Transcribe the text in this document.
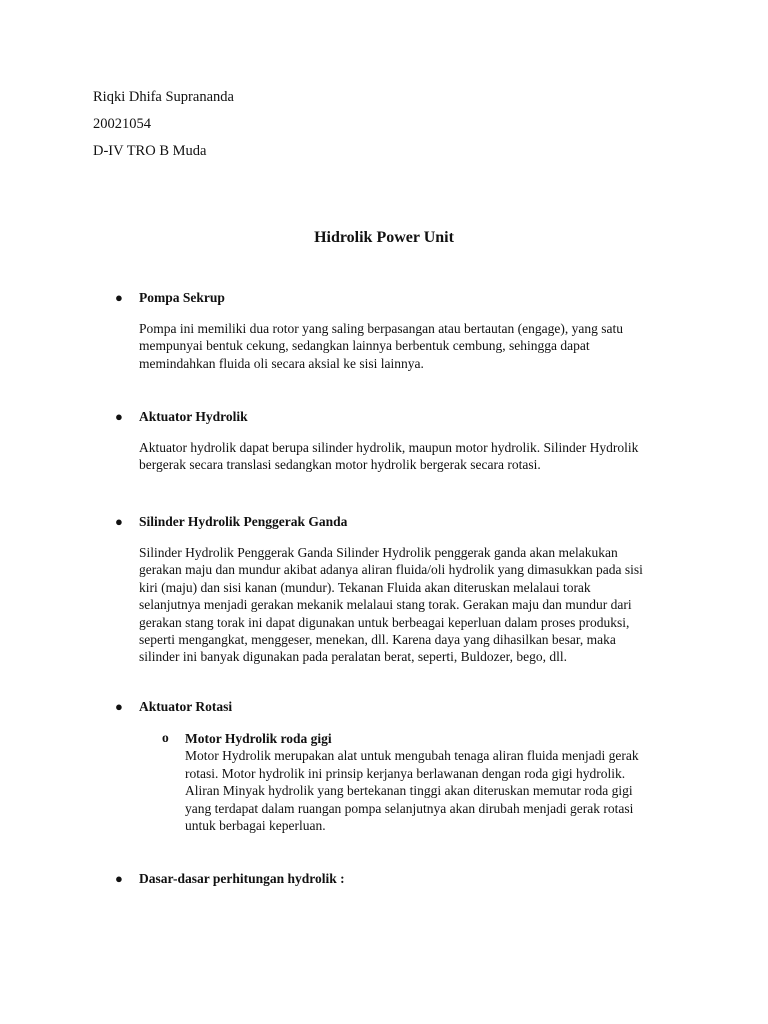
Riqki Dhifa Suprananda
20021054
D-IV TRO B Muda
Hidrolik Power Unit
● Pompa Sekrup
Pompa ini memiliki dua rotor yang saling berpasangan atau bertautan (engage), yang satu
mempunyai bentuk cekung, sedangkan lainnya berbentuk cembung, sehingga dapat
memindahkan fluida oli secara aksial ke sisi lainnya.
● Aktuator Hydrolik
Aktuator hydrolik dapat berupa silinder hydrolik, maupun motor hydrolik. Silinder Hydrolik
bergerak secara translasi sedangkan motor hydrolik bergerak secara rotasi.
● Silinder Hydrolik Penggerak Ganda
Silinder Hydrolik Penggerak Ganda Silinder Hydrolik penggerak ganda akan melakukan
gerakan maju dan mundur akibat adanya aliran fluida/oli hydrolik yang dimasukkan pada sisi
kiri (maju) dan sisi kanan (mundur). Tekanan Fluida akan diteruskan melalaui torak
selanjutnya menjadi gerakan mekanik melalaui stang torak. Gerakan maju dan mundur dari
gerakan stang torak ini dapat digunakan untuk berbeagai keperluan dalam proses produksi,
seperti mengangkat, menggeser, menekan, dll. Karena daya yang dihasilkan besar, maka
silinder ini banyak digunakan pada peralatan berat, seperti, Buldozer, bego, dll.
● Aktuator Rotasi
o Motor Hydrolik roda gigi
Motor Hydrolik merupakan alat untuk mengubah tenaga aliran fluida menjadi gerak
rotasi. Motor hydrolik ini prinsip kerjanya berlawanan dengan roda gigi hydrolik.
Aliran Minyak hydrolik yang bertekanan tinggi akan diteruskan memutar roda gigi
yang terdapat dalam ruangan pompa selanjutnya akan dirubah menjadi gerak rotasi
untuk berbagai keperluan.
● Dasar-dasar perhitungan hydrolik :
